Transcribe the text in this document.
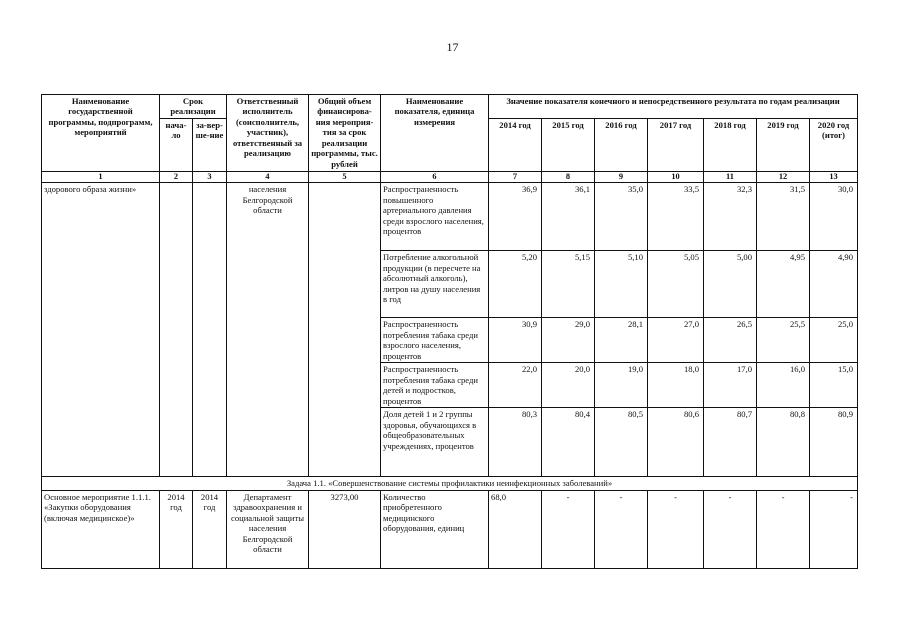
17
Наименование государственной программы, подпрограмм, мероприятий	Срок реализации		Ответственный исполнитель (соисполнитель, участник), ответственный за реализацию	Общий объем финансирова-ния мероприя-тия за срок реализации программы, тыс. рублей	Наименование показателя, единица измерения	Значение показателя конечного и непосредственного результата по годам реализации						
	нача-ло	за-вер-ше-ние				2014 год	2015 год	2016 год	2017 год	2018 год	2019 год	2020 год (итог)
1	2	3	4	5	6	7	8	9	10	11	12	13
здорового образа жизни»			населения Белгородской области		Распространенность повышенного артериального давления среди взрослого населения, процентов	36,9	36,1	35,0	33,5	32,3	31,5	30,0
					Потребление алкогольной продукции (в пересчете на абсолютный алкоголь), литров на душу населения в год	5,20	5,15	5,10	5,05	5,00	4,95	4,90
					Распространенность потребления табака среди взрослого населения, процентов	30,9	29,0	28,1	27,0	26,5	25,5	25,0
					Распространенность потребления табака среди детей и подростков, процентов	22,0	20,0	19,0	18,0	17,0	16,0	15,0
					Доля детей 1 и 2 группы здоровья, обучающихся в общеобразовательных учреждениях, процентов	80,3	80,4	80,5	80,6	80,7	80,8	80,9
Задача 1.1. «Совершенствование системы профилактики неинфекционных заболеваний»												
Основное мероприятие 1.1.1. «Закупки оборудования (включая медицинское)»	2014 год	2014 год	Департамент здравоохранения и социальной защиты населения Белгородской области	3273,00	Количество приобретенного медицинского оборудования, единиц	68,0	-	-	-	-	-	-
